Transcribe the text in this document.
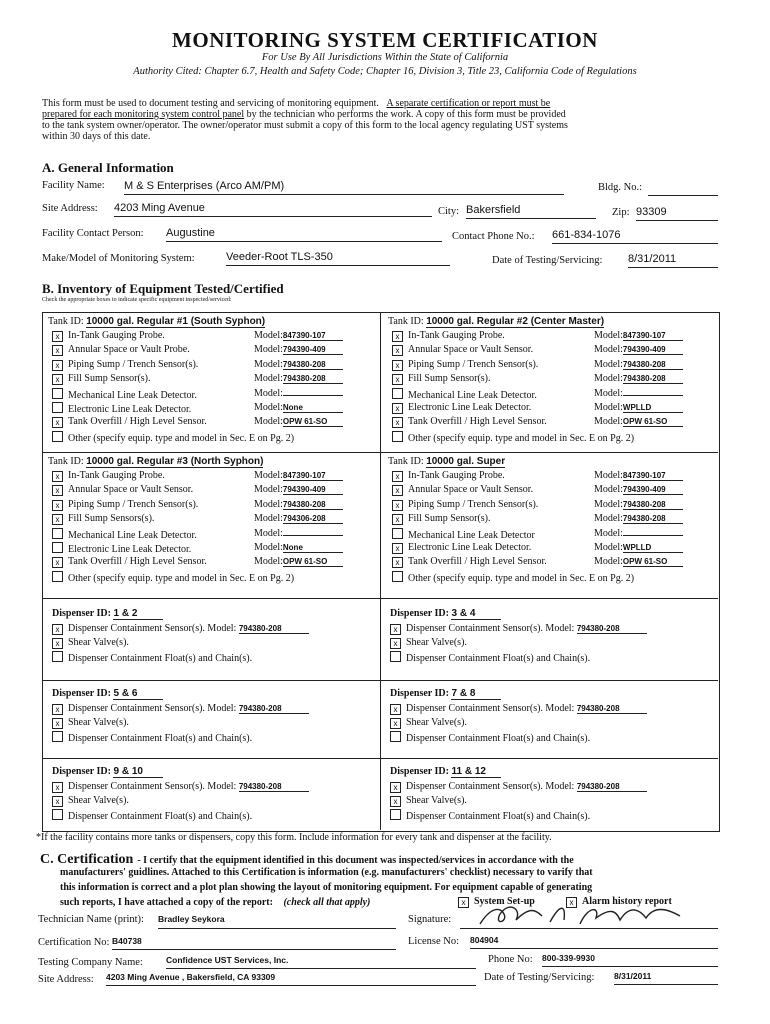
MONITORING SYSTEM CERTIFICATION
For Use By All Jurisdictions Within the State of California
Authority Cited: Chapter 6.7, Health and Safety Code; Chapter 16, Division 3, Title 23, California Code of Regulations
This form must be used to document testing and servicing of monitoring equipment. A separate certification or report must be
prepared for each monitoring system control panel by the technician who performs the work. A copy of this form must be provided
to the tank system owner/operator. The owner/operator must submit a copy of this form to the local agency regulating UST systems
within 30 days of this date.
A. General Information
Facility Name: M & S Enterprises (Arco AM/PM)	Bldg. No.:
Site Address: 4203 Ming Avenue	City: Bakersfield	Zip: 93309
Facility Contact Person: Augustine	Contact Phone No.: 661-834-1076
Make/Model of Monitoring System:	Veeder-Root TLS-350	Date of Testing/Servicing: 8/31/2011
B. Inventory of Equipment Tested/Certified
Check the appropriate boxes to indicate specific equipment inspected/serviced:
Tank ID: 10000 gal. Regular #1 (South Syphon)
x In-Tank Gauging Probe.	Model:847390-107
x Annular Space or Vault Probe.	Model:794390-409
x Piping Sump / Trench Sensor(s).	Model:794380-208
x Fill Sump Sensor(s).	Model:794380-208
Mechanical Line Leak Detector.	Model:
Electronic Line Leak Detector.	Model:None
x Tank Overfill / High Level Sensor.	Model:OPW 61-SO
Other (specify equip. type and model in Sec. E on Pg. 2)
Tank ID: 10000 gal. Regular #2 (Center Master)
x In-Tank Gauging Probe.	Model:847390-107
x Annular Space or Vault Sensor.	Model:794390-409
x Piping Sump / Trench Sensor(s).	Model:794380-208
x Fill Sump Sensor(s).	Model:794380-208
Mechanical Line Leak Detector.	Model:
x Electronic Line Leak Detector.	Model:WPLLD
x Tank Overfill / High Level Sensor.	Model:OPW 61-SO
Other (specify equip. type and model in Sec. E on Pg. 2)
Tank ID: 10000 gal. Regular #3 (North Syphon)
x In-Tank Gauging Probe.	Model:847390-107
x Annular Space or Vault Sensor.	Model:794390-409
x Piping Sump / Trench Sensor(s).	Model:794380-208
x Fill Sump Sensors(s).	Model:794306-208
Mechanical Line Leak Detector.	Model:
Electronic Line Leak Detector.	Model:None
x Tank Overfill / High Level Sensor.	Model:OPW 61-SO
Other (specify equip. type and model in Sec. E on Pg. 2)
Tank ID: 10000 gal. Super
x In-Tank Gauging Probe.	Model:847390-107
x Annular Space or Vault Sensor.	Model:794390-409
x Piping Sump / Trench Sensor(s).	Model:794380-208
x Fill Sump Sensor(s).	Model:794380-208
Mechanical Line Leak Detector	Model:
x Electronic Line Leak Detector.	Model:WPLLD
x Tank Overfill / High Level Sensor.	Model:OPW 61-SO
Other (specify equip. type and model in Sec. E on Pg. 2)
Dispenser ID: 1 & 2
x Dispenser Containment Sensor(s). Model: 794380-208
x Shear Valve(s).
Dispenser Containment Float(s) and Chain(s).
Dispenser ID: 3 & 4
x Dispenser Containment Sensor(s). Model: 794380-208
x Shear Valve(s).
Dispenser Containment Float(s) and Chain(s).
Dispenser ID: 5 & 6
x Dispenser Containment Sensor(s). Model: 794380-208
x Shear Valve(s).
Dispenser Containment Float(s) and Chain(s).
Dispenser ID: 7 & 8
x Dispenser Containment Sensor(s). Model: 794380-208
x Shear Valve(s).
Dispenser Containment Float(s) and Chain(s).
Dispenser ID: 9 & 10
x Dispenser Containment Sensor(s). Model: 794380-208
x Shear Valve(s).
Dispenser Containment Float(s) and Chain(s).
Dispenser ID: 11 & 12
x Dispenser Containment Sensor(s). Model: 794380-208
x Shear Valve(s).
Dispenser Containment Float(s) and Chain(s).
*If the facility contains more tanks or dispensers, copy this form. Include information for every tank and dispenser at the facility.
C. Certification - I certify that the equipment identified in this document was inspected/services in accordance with the
manufacturers' guidlines. Attached to this Certification is information (e.g. manufacturers' checklist) necessary to varify that
this information is correct and a plot plan showing the layout of monitoring equipment. For equipment capable of generating
such reports, I have attached a copy of the report: (check all that apply)	x System Set-up	x Alarm history report
Technician Name (print): Bradley Seykora	Signature:
Certification No: B40738	License No: 804904
Testing Company Name:	Confidence UST Services, Inc.	Phone No: 800-339-9930
Site Address: 4203 Ming Avenue , Bakersfield, CA 93309	Date of Testing/Servicing: 8/31/2011
